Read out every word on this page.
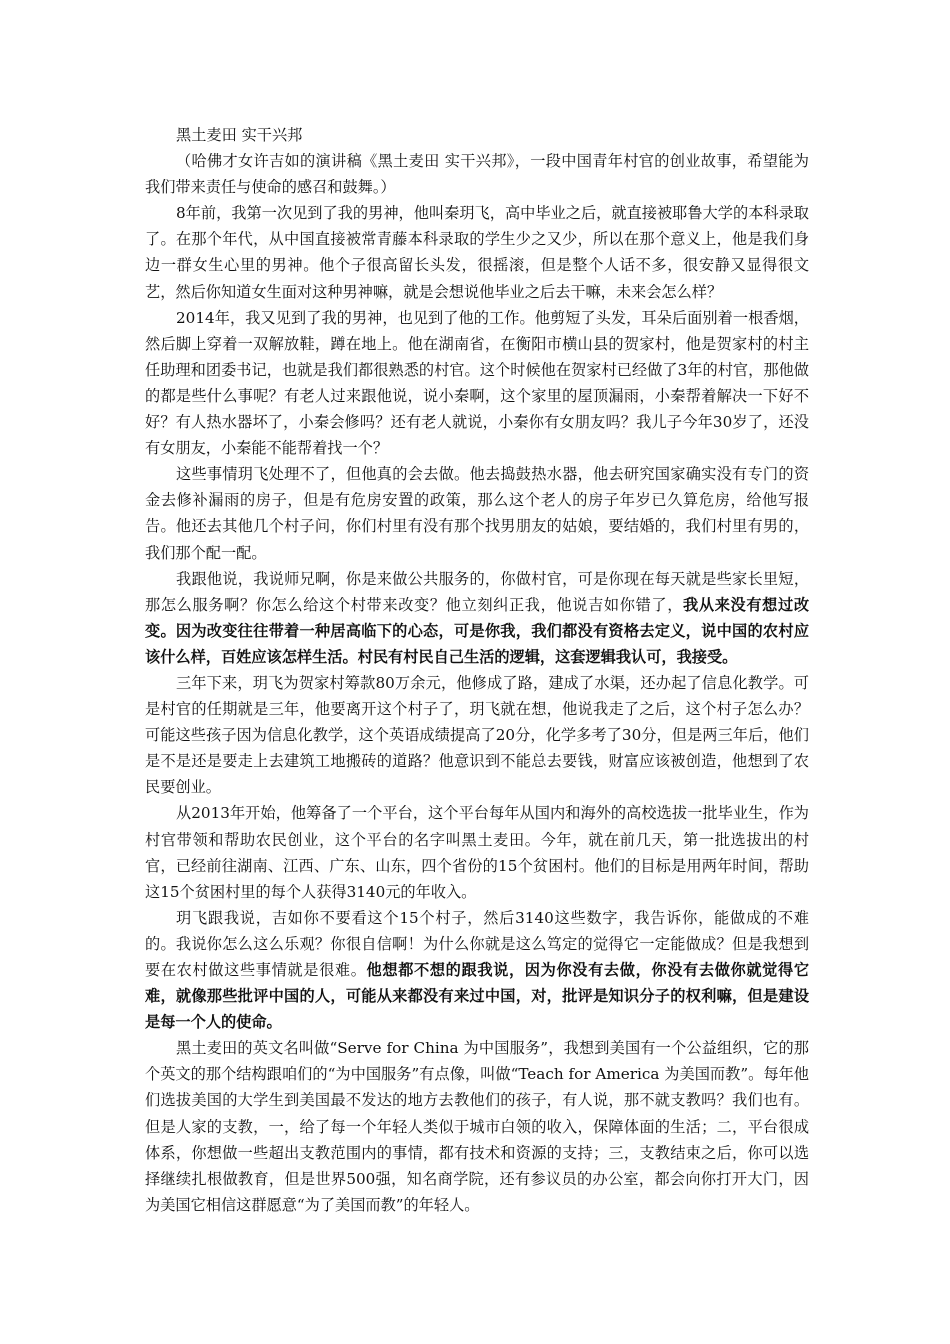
黑土麦田 实干兴邦

（哈佛才女许吉如的演讲稿《黑土麦田 实干兴邦》，一段中国青年村官的创业故事，希望能为我们带来责任与使命的感召和鼓舞。）

8年前，我第一次见到了我的男神，他叫秦玥飞，高中毕业之后，就直接被耶鲁大学的本科录取了。在那个年代，从中国直接被常青藤本科录取的学生少之又少，所以在那个意义上，他是我们身边一群女生心里的男神。他个子很高留长头发，很摇滚，但是整个人话不多，很安静又显得很文艺，然后你知道女生面对这种男神嘛，就是会想说他毕业之后去干嘛，未来会怎么样？

2014年，我又见到了我的男神，也见到了他的工作。他剪短了头发，耳朵后面别着一根香烟，然后脚上穿着一双解放鞋，蹲在地上。他在湖南省，在衡阳市横山县的贺家村，他是贺家村的村主任助理和团委书记，也就是我们都很熟悉的村官。这个时候他在贺家村已经做了3年的村官，那他做的都是些什么事呢？有老人过来跟他说，说小秦啊，这个家里的屋顶漏雨，小秦帮着解决一下好不好？有人热水器坏了，小秦会修吗？还有老人就说，小秦你有女朋友吗？我儿子今年30岁了，还没有女朋友，小秦能不能帮着找一个？

这些事情玥飞处理不了，但他真的会去做。他去捣鼓热水器，他去研究国家确实没有专门的资金去修补漏雨的房子，但是有危房安置的政策，那么这个老人的房子年岁已久算危房，给他写报告。他还去其他几个村子问，你们村里有没有那个找男朋友的姑娘，要结婚的，我们村里有男的，我们那个配一配。

我跟他说，我说师兄啊，你是来做公共服务的，你做村官，可是你现在每天就是些家长里短，那怎么服务啊？你怎么给这个村带来改变？他立刻纠正我，他说吉如你错了，我从来没有想过改变。因为改变往往带着一种居高临下的心态，可是你我，我们都没有资格去定义，说中国的农村应该什么样，百姓应该怎样生活。村民有村民自己生活的逻辑，这套逻辑我认可，我接受。

三年下来，玥飞为贺家村筹款80万余元，他修成了路，建成了水渠，还办起了信息化教学。可是村官的任期就是三年，他要离开这个村子了，玥飞就在想，他说我走了之后，这个村子怎么办？可能这些孩子因为信息化教学，这个英语成绩提高了20分，化学多考了30分，但是两三年后，他们是不是还是要走上去建筑工地搬砖的道路？他意识到不能总去要钱，财富应该被创造，他想到了农民要创业。

从2013年开始，他筹备了一个平台，这个平台每年从国内和海外的高校选拔一批毕业生，作为村官带领和帮助农民创业，这个平台的名字叫黑土麦田。今年，就在前几天，第一批选拔出的村官，已经前往湖南、江西、广东、山东，四个省份的15个贫困村。他们的目标是用两年时间，帮助这15个贫困村里的每个人获得3140元的年收入。

玥飞跟我说，吉如你不要看这个15个村子，然后3140这些数字，我告诉你，能做成的不难的。我说你怎么这么乐观？你很自信啊！为什么你就是这么笃定的觉得它一定能做成？但是我想到要在农村做这些事情就是很难。他想都不想的跟我说，因为你没有去做，你没有去做你就觉得它难，就像那些批评中国的人，可能从来都没有来过中国，对，批评是知识分子的权利嘛，但是建设是每一个人的使命。

黑土麦田的英文名叫做“Serve for China 为中国服务”，我想到美国有一个公益组织，它的那个英文的那个结构跟咱们的“为中国服务”有点像，叫做“Teach for America 为美国而教”。每年他们选拔美国的大学生到美国最不发达的地方去教他们的孩子，有人说，那不就支教吗？我们也有。但是人家的支教，一，给了每一个年轻人类似于城市白领的收入，保障体面的生活；二，平台很成体系，你想做一些超出支教范围内的事情，都有技术和资源的支持；三，支教结束之后，你可以选择继续扎根做教育，但是世界500强，知名商学院，还有参议员的办公室，都会向你打开大门，因为美国它相信这群愿意“为了美国而教”的年轻人。
